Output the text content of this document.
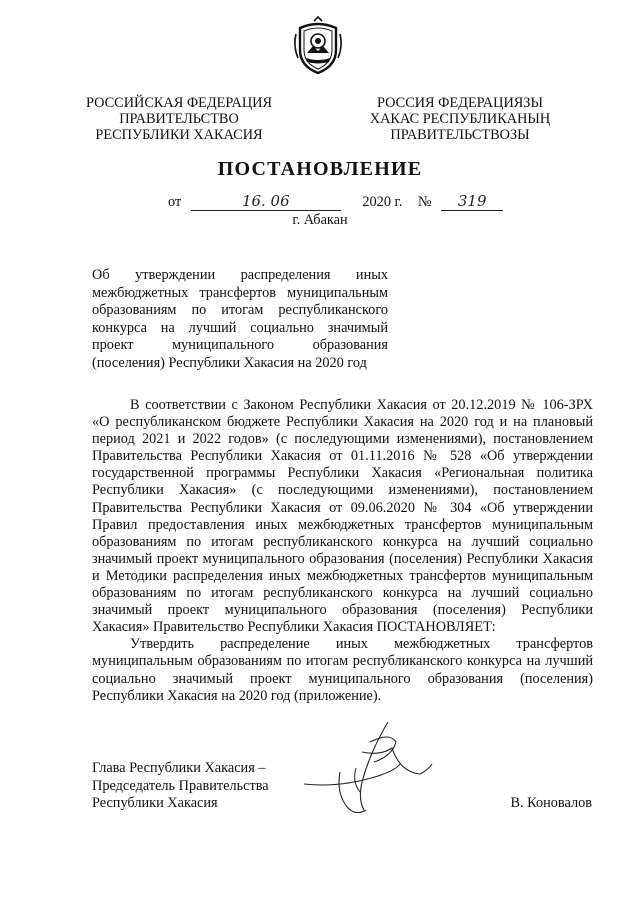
РОССИЙСКАЯ ФЕДЕРАЦИЯ
ПРАВИТЕЛЬСТВО
РЕСПУБЛИКИ ХАКАСИЯ
РОССИЯ ФЕДЕРАЦИЯЗЫ
ХАКАС РЕСПУБЛИКАНЫҢ
ПРАВИТЕЛЬСТВОЗЫ
ПОСТАНОВЛЕНИЕ
от	16. 06	2020 г. № 319
г. Абакан
Об утверждении распределения иных межбюджетных трансфертов муниципальным образованиям по итогам республиканского конкурса на лучший социально значимый проект муниципального образования (поселения) Республики Хакасия на 2020 год

В соответствии с Законом Республики Хакасия от 20.12.2019 № 106-ЗРХ «О республиканском бюджете Республики Хакасия на 2020 год и на плановый период 2021 и 2022 годов» (с последующими изменениями), постановлением Правительства Республики Хакасия от 01.11.2016 № 528 «Об утверждении государственной программы Республики Хакасия «Региональная политика Республики Хакасия» (с последующими изменениями), постановлением Правительства Республики Хакасия от 09.06.2020 № 304 «Об утверждении Правил предоставления иных межбюджетных трансфертов муниципальным образованиям по итогам республиканского конкурса на лучший социально значимый проект муниципального образования (поселения) Республики Хакасия и Методики распределения иных межбюджетных трансфертов муниципальным образованиям по итогам республиканского конкурса на лучший социально значимый проект муниципального образования (поселения) Республики Хакасия» Правительство Республики Хакасия ПОСТАНОВЛЯЕТ:

Утвердить распределение иных межбюджетных трансфертов муниципальным образованиям по итогам республиканского конкурса на лучший социально значимый проект муниципального образования (поселения) Республики Хакасия на 2020 год (приложение).

Глава Республики Хакасия –
Председатель Правительства
Республики Хакасия	В. Коновалов
